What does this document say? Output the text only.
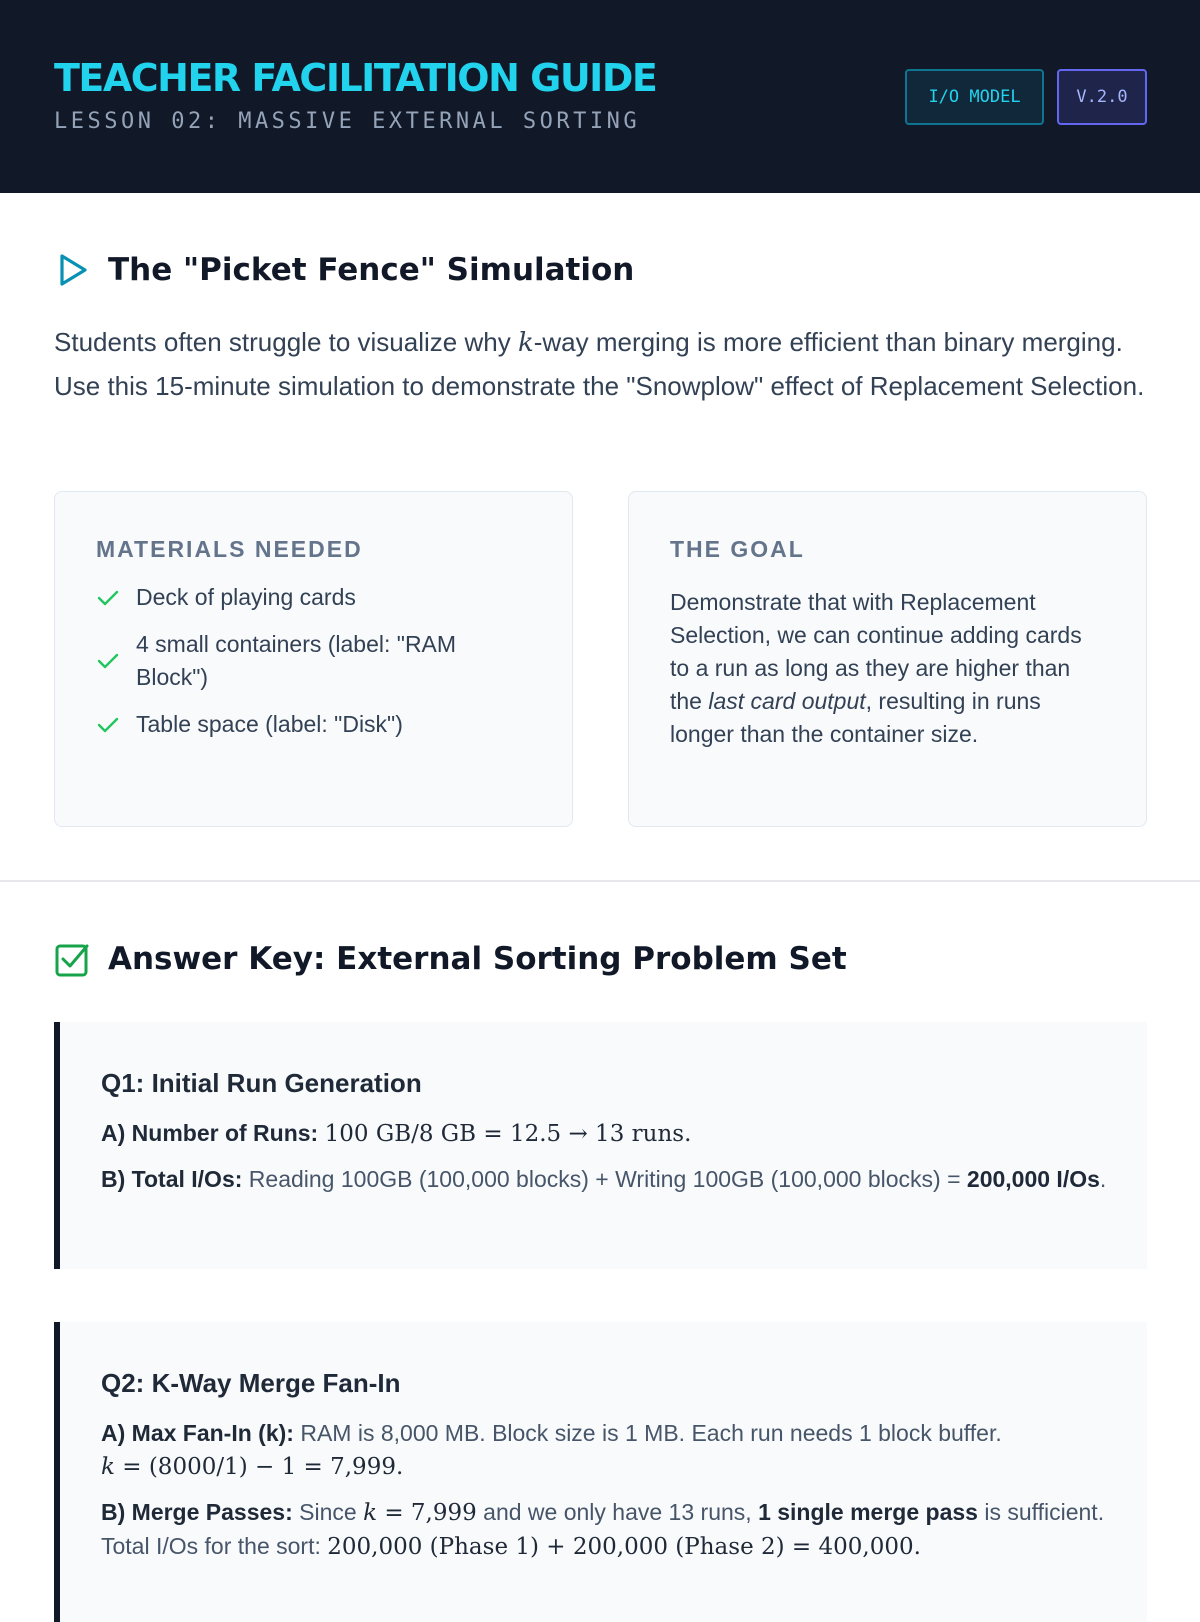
TEACHER FACILITATION GUIDE
LESSON 02: MASSIVE EXTERNAL SORTING
I/O MODEL	V.2.0
The "Picket Fence" Simulation

Students often struggle to visualize why k-way merging is more efficient than binary merging. Use this 15-minute simulation to demonstrate the "Snowplow" effect of Replacement Selection.

MATERIALS NEEDED
Deck of playing cards
4 small containers (label: "RAM Block")
Table space (label: "Disk")
THE GOAL

Demonstrate that with Replacement Selection, we can continue adding cards to a run as long as they are higher than the last card output, resulting in runs longer than the container size.

Answer Key: External Sorting Problem Set
Q1: Initial Run Generation
A) Number of Runs: 100 GB/8 GB = 12.5 → 13 runs.
B) Total I/Os: Reading 100GB (100,000 blocks) + Writing 100GB (100,000 blocks) = 200,000 I/Os.
Q2: K-Way Merge Fan-In
A) Max Fan-In (k): RAM is 8,000 MB. Block size is 1 MB. Each run needs 1 block buffer.
k = (8000/1) − 1 = 7,999.
B) Merge Passes: Since k = 7,999 and we only have 13 runs, 1 single merge pass is sufficient. Total I/Os for the sort: 200,000 (Phase 1) + 200,000 (Phase 2) = 400,000.
